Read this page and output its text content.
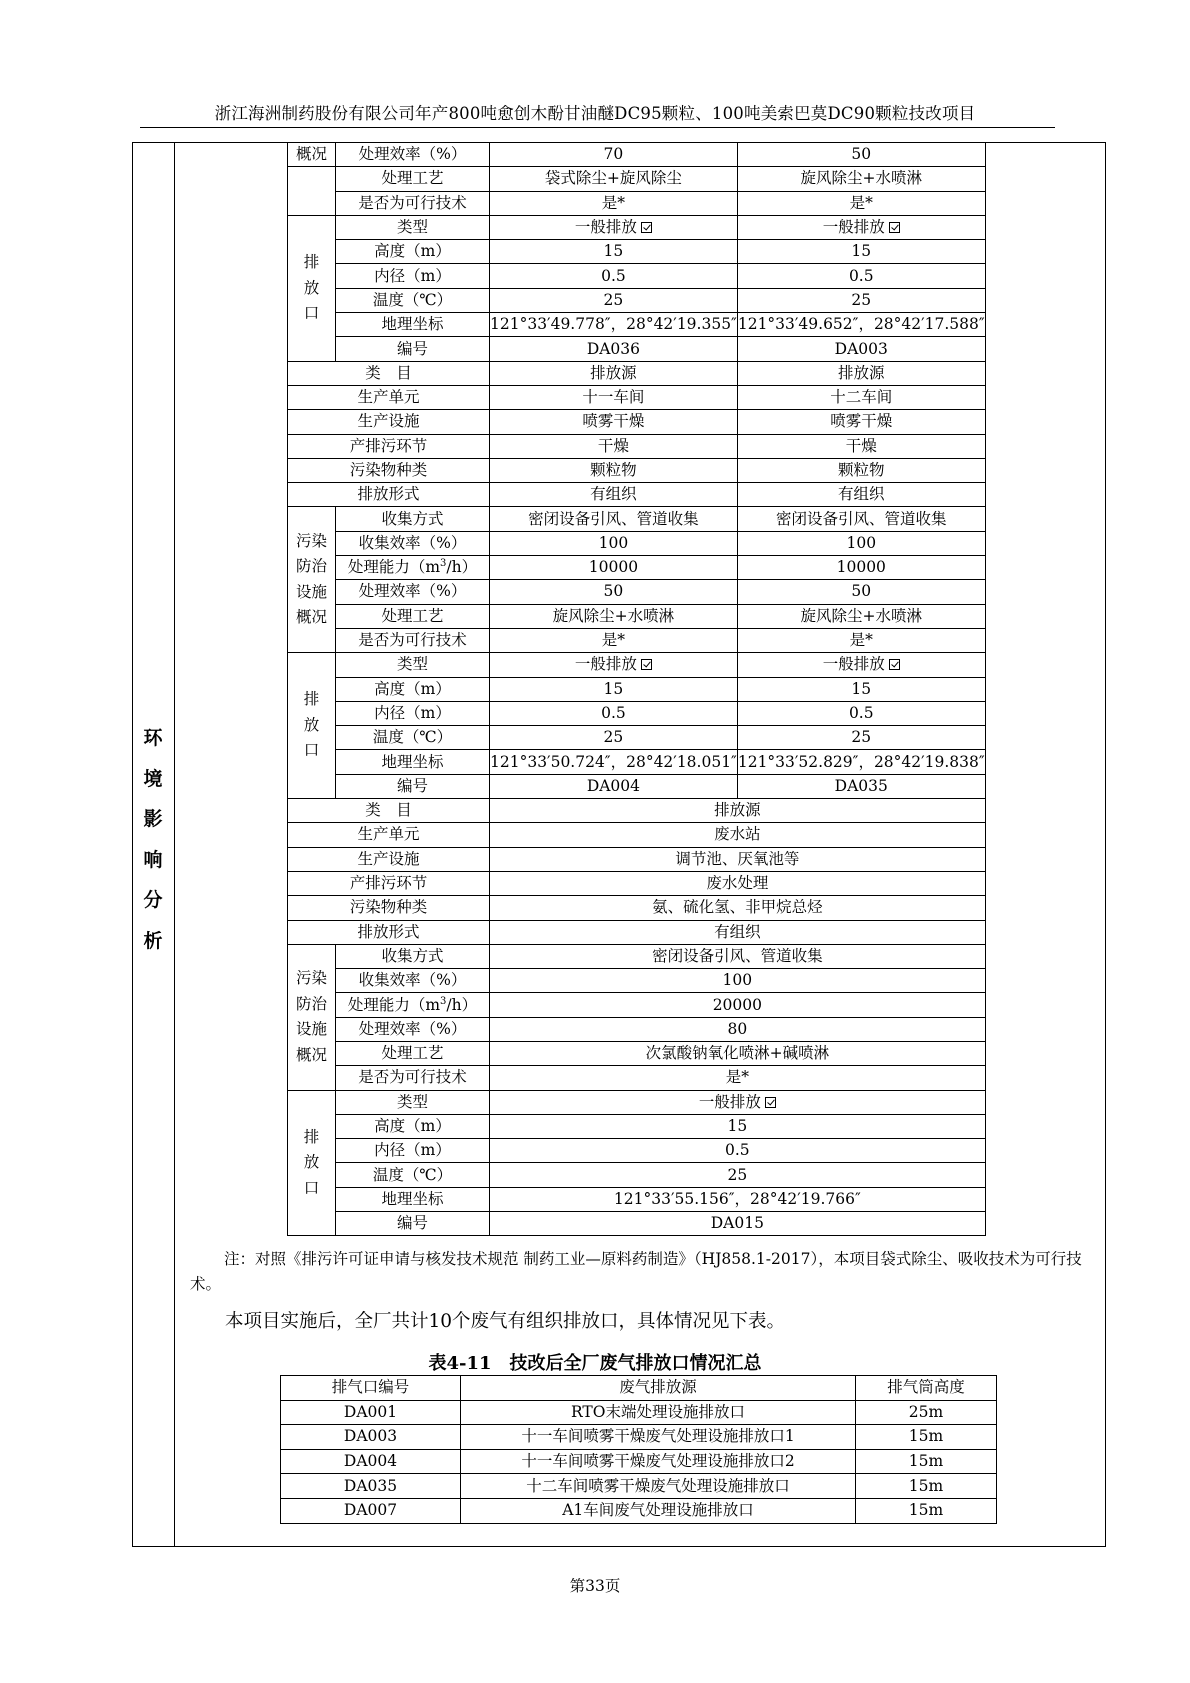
浙江海洲制药股份有限公司年产800吨愈创木酚甘油醚DC95颗粒、100吨美索巴莫DC90颗粒技改项目
环
境
影
响
分
析
概况	处理效率（%）	70	50
	处理工艺	袋式除尘+旋风除尘	旋风除尘+水喷淋
	是否为可行技术	是*	是*
排放口	类型	一般排放	一般排放
	高度（m）	15	15
	内径（m）	0.5	0.5
	温度（℃）	25	25
	地理坐标	121°33′49.778″，28°42′19.355″	121°33′49.652″，28°42′17.588″
	编号	DA036	DA003
类　目		排放源	排放源
生产单元		十一车间	十二车间
生产设施		喷雾干燥	喷雾干燥
产排污环节		干燥	干燥
污染物种类		颗粒物	颗粒物
排放形式		有组织	有组织
污染防治设施概况	收集方式	密闭设备引风、管道收集	密闭设备引风、管道收集
	收集效率（%）	100	100
	处理能力$(m^3/h)$	10000	10000
	处理效率（%）	50	50
	处理工艺	旋风除尘+水喷淋	旋风除尘+水喷淋
	是否为可行技术	是*	是*
排放口	类型	一般排放	一般排放
	高度（m）	15	15
	内径（m）	0.5	0.5
	温度（℃）	25	25
	地理坐标	121°33′50.724″，28°42′18.051″	121°33′52.829″，28°42′19.838″
	编号	DA004	DA035
类　目		排放源	
生产单元		废水站	
生产设施		调节池、厌氧池等	
产排污环节		废水处理	
污染物种类		氨、硫化氢、非甲烷总烃	
排放形式		有组织	
污染防治设施概况	收集方式	密闭设备引风、管道收集	
	收集效率（%）	100	
	处理能力$(m^3/h)$	20000	
	处理效率（%）	80	
	处理工艺	次氯酸钠氧化喷淋+碱喷淋	
	是否为可行技术	是*	
排放口	类型	一般排放	
	高度（m）	15	
	内径（m）	0.5	
	温度（℃）	25	
	地理坐标	121°33′55.156″，28°42′19.766″	
	编号	DA015	
注：对照《排污许可证申请与核发技术规范 制药工业—原料药制造》（HJ858.1-2017），本项目袋式除尘、吸收技术为可行技术。
本项目实施后，全厂共计10个废气有组织排放口，具体情况见下表。
表4-11　技改后全厂废气排放口情况汇总
排气口编号	废气排放源	排气筒高度
DA001	RTO末端处理设施排放口	25m
DA003	十一车间喷雾干燥废气处理设施排放口1	15m
DA004	十一车间喷雾干燥废气处理设施排放口2	15m
DA035	十二车间喷雾干燥废气处理设施排放口	15m
DA007	A1车间废气处理设施排放口	15m
第33页
